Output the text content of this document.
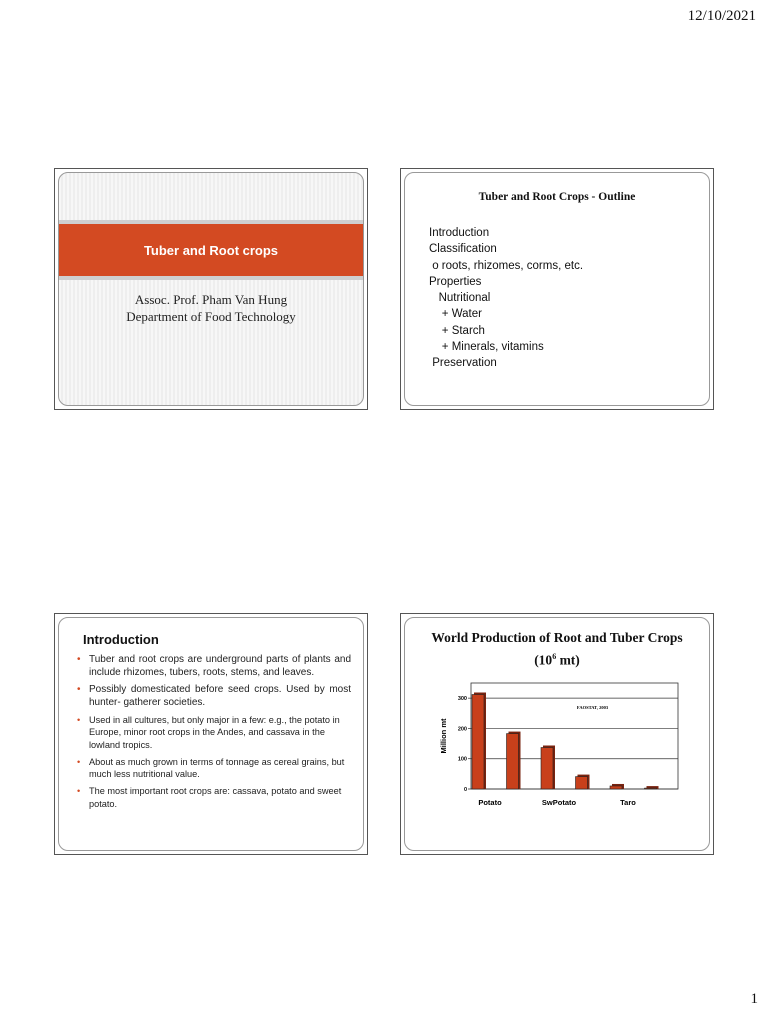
12/10/2021
Tuber and Root crops
Assoc. Prof. Pham Van Hung
Department of Food Technology
Tuber and Root Crops - Outline
Introduction
Classification
o roots, rhizomes, corms, etc.
Properties
Nutritional
+ Water
+ Starch
+ Minerals, vitamins
Preservation
Introduction
• Tuber and root crops are underground parts of plants and include rhizomes, tubers, roots, stems, and leaves.
• Possibly domesticated before seed crops. Used by most hunter- gatherer societies.
• Used in all cultures, but only major in a few: e.g., the potato in Europe, minor root crops in the Andes, and cassava in the lowland tropics.
• About as much grown in terms of tonnage as cereal grains, but much less nutritional value.
• The most important root crops are: cassava, potato and sweet potato.
World Production of Root and Tuber Crops
($10^6$ mt)
0
100
200
300
Million mt
FAOSTAT, 2003
Potato	SwPotato	Taro
1
